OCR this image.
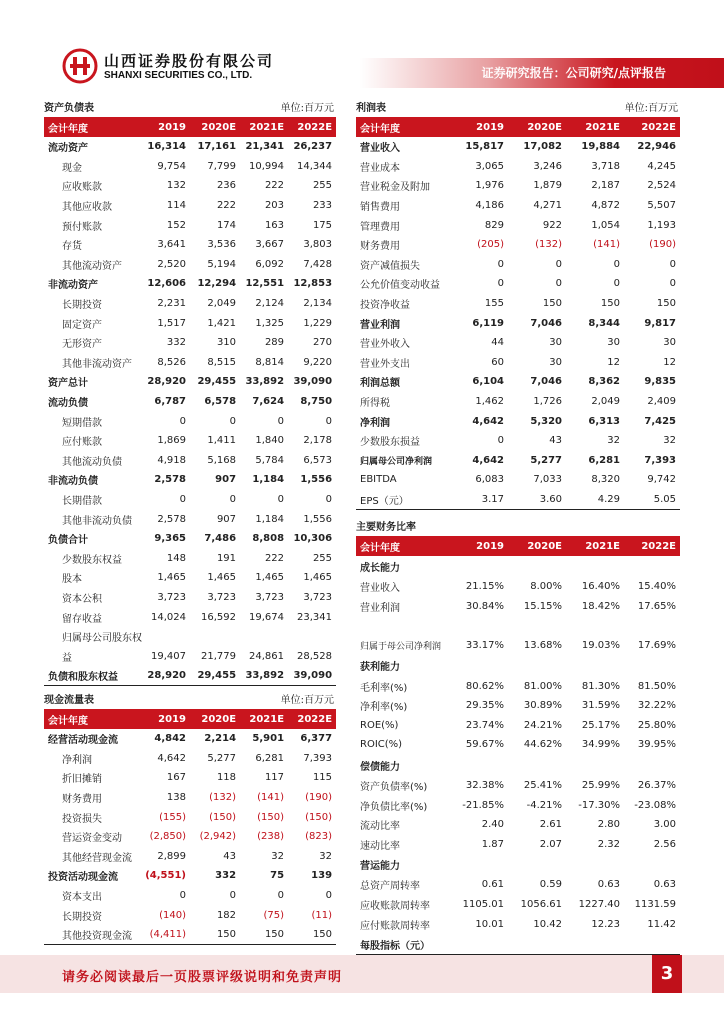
山西证券股份有限公司
SHANXI SECURITIES CO., LTD.	证券研究报告：公司研究/点评报告
资产负债表			单位:百万元	
会计年度	2019	2020E	2021E	2022E
流动资产	16,314	17,161	21,341	26,237
现金	9,754	7,799	10,994	14,344
应收账款	132	236	222	255
其他应收款	114	222	203	233
预付账款	152	174	163	175
存货	3,641	3,536	3,667	3,803
其他流动资产	2,520	5,194	6,092	7,428
非流动资产	12,606	12,294	12,551	12,853
长期投资	2,231	2,049	2,124	2,134
固定资产	1,517	1,421	1,325	1,229
无形资产	332	310	289	270
其他非流动资产	8,526	8,515	8,814	9,220
资产总计	28,920	29,455	33,892	39,090
流动负债	6,787	6,578	7,624	8,750
短期借款	0	0	0	0
应付账款	1,869	1,411	1,840	2,178
其他流动负债	4,918	5,168	5,784	6,573
非流动负债	2,578	907	1,184	1,556
长期借款	0	0	0	0
其他非流动负债	2,578	907	1,184	1,556
负债合计	9,365	7,486	8,808	10,306
少数股东权益	148	191	222	255
股本	1,465	1,465	1,465	1,465
资本公积	3,723	3,723	3,723	3,723
留存收益	14,024	16,592	19,674	23,341
归属母公司股东权				
益	19,407	21,779	24,861	28,528
负债和股东权益	28,920	29,455	33,892	39,090
现金流量表			单位:百万元	
会计年度	2019	2020E	2021E	2022E
经营活动现金流	4,842	2,214	5,901	6,377
净利润	4,642	5,277	6,281	7,393
折旧摊销	167	118	117	115
财务费用	138	(132)	(141)	(190)
投资损失	(155)	(150)	(150)	(150)
营运资金变动	(2,850)	(2,942)	(238)	(823)
其他经营现金流	2,899	43	32	32
投资活动现金流	(4,551)	332	75	139
资本支出	0	0	0	0
长期投资	(140)	182	(75)	(11)
其他投资现金流	(4,411)	150	150	150
利润表			单位:百万元	
会计年度	2019	2020E	2021E	2022E
营业收入	15,817	17,082	19,884	22,946
营业成本	3,065	3,246	3,718	4,245
营业税金及附加	1,976	1,879	2,187	2,524
销售费用	4,186	4,271	4,872	5,507
管理费用	829	922	1,054	1,193
财务费用	(205)	(132)	(141)	(190)
资产减值损失	0	0	0	0
公允价值变动收益	0	0	0	0
投资净收益	155	150	150	150
营业利润	6,119	7,046	8,344	9,817
营业外收入	44	30	30	30
营业外支出	60	30	12	12
利润总额	6,104	7,046	8,362	9,835
所得税	1,462	1,726	2,049	2,409
净利润	4,642	5,320	6,313	7,425
少数股东损益	0	43	32	32
归属母公司净利润	4,642	5,277	6,281	7,393
EBITDA	6,083	7,033	8,320	9,742
EPS（元）	3.17	3.60	4.29	5.05
主要财务比率				
会计年度	2019	2020E	2021E	2022E
成长能力				
营业收入	21.15%	8.00%	16.40%	15.40%
营业利润	30.84%	15.15%	18.42%	17.65%

归属于母公司净利润	33.17%	13.68%	19.03%	17.69%
获利能力				
毛利率(%)	80.62%	81.00%	81.30%	81.50%
净利率(%)	29.35%	30.89%	31.59%	32.22%
ROE(%)	23.74%	24.21%	25.17%	25.80%
ROIC(%)	59.67%	44.62%	34.99%	39.95%
偿债能力				
资产负债率(%)	32.38%	25.41%	25.99%	26.37%
净负债比率(%)	-21.85%	-4.21%	-17.30%	-23.08%
流动比率	2.40	2.61	2.80	3.00
速动比率	1.87	2.07	2.32	2.56
营运能力				
总资产周转率	0.61	0.59	0.63	0.63
应收账款周转率	1105.01	1056.61	1227.40	1131.59
应付账款周转率	10.01	10.42	12.23	11.42
每股指标（元）				
请务必阅读最后一页股票评级说明和免责声明	3
